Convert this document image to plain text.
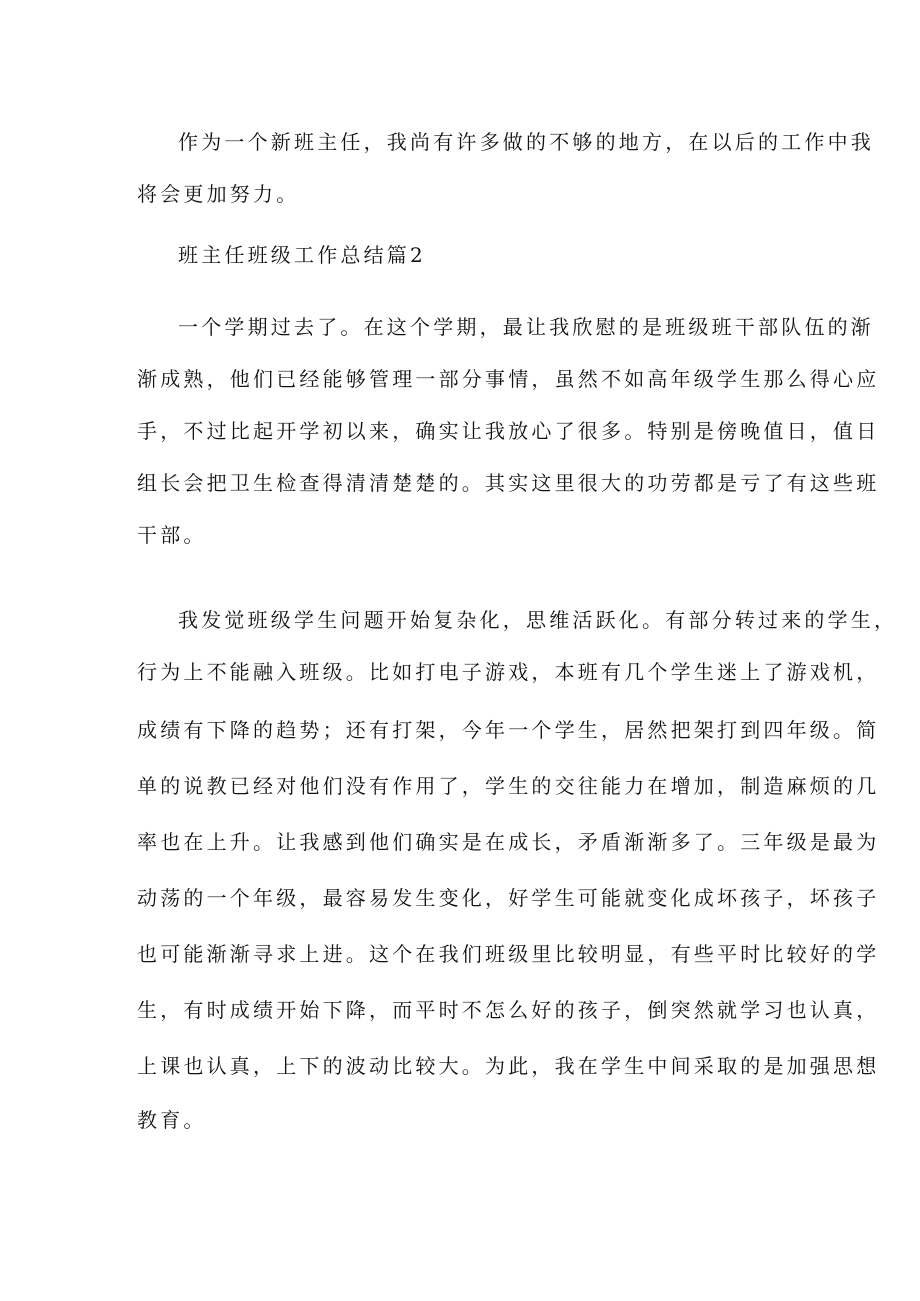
作为一个新班主任，我尚有许多做的不够的地方，在以后的工作中我
将会更加努力。
班主任班级工作总结篇2
一个学期过去了。在这个学期，最让我欣慰的是班级班干部队伍的渐
渐成熟，他们已经能够管理一部分事情，虽然不如高年级学生那么得心应
手，不过比起开学初以来，确实让我放心了很多。特别是傍晚值日，值日
组长会把卫生检查得清清楚楚的。其实这里很大的功劳都是亏了有这些班
干部。
我发觉班级学生问题开始复杂化，思维活跃化。有部分转过来的学生，
行为上不能融入班级。比如打电子游戏，本班有几个学生迷上了游戏机，
成绩有下降的趋势；还有打架，今年一个学生，居然把架打到四年级。简
单的说教已经对他们没有作用了，学生的交往能力在增加，制造麻烦的几
率也在上升。让我感到他们确实是在成长，矛盾渐渐多了。三年级是最为
动荡的一个年级，最容易发生变化，好学生可能就变化成坏孩子，坏孩子
也可能渐渐寻求上进。这个在我们班级里比较明显，有些平时比较好的学
生，有时成绩开始下降，而平时不怎么好的孩子，倒突然就学习也认真，
上课也认真，上下的波动比较大。为此，我在学生中间采取的是加强思想
教育。
